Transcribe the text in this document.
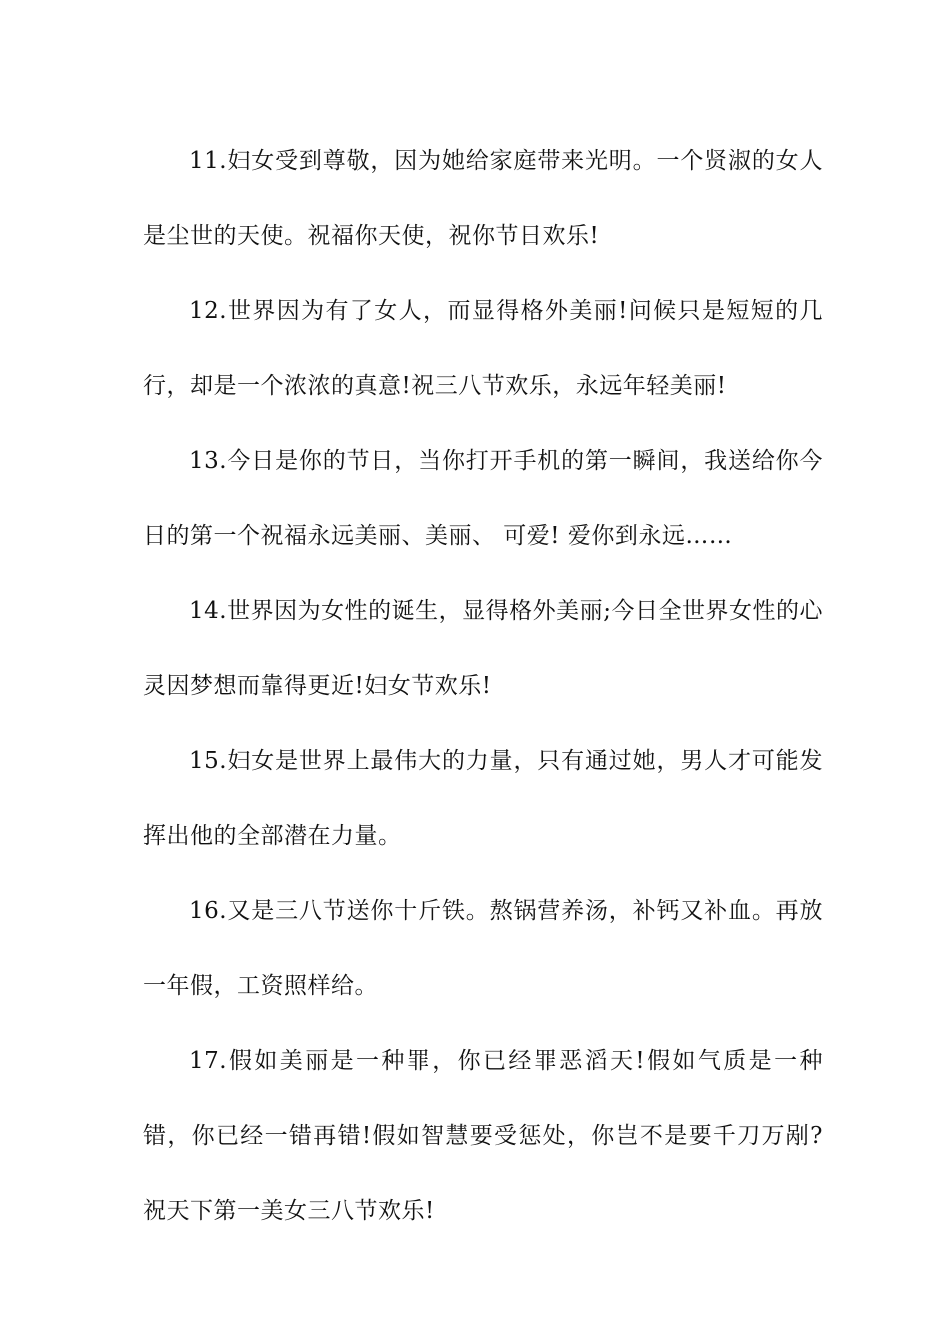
11.妇女受到尊敬，因为她给家庭带来光明。一个贤淑的女人是尘世的天使。祝福你天使，祝你节日欢乐!

12.世界因为有了女人，而显得格外美丽!问候只是短短的几行，却是一个浓浓的真意!祝三八节欢乐，永远年轻美丽!

13.今日是你的节日，当你打开手机的第一瞬间，我送给你今日的第一个祝福永远美丽、美丽、 可爱! 爱你到永远……

14.世界因为女性的诞生，显得格外美丽;今日全世界女性的心灵因梦想而靠得更近!妇女节欢乐!

15.妇女是世界上最伟大的力量，只有通过她，男人才可能发挥出他的全部潜在力量。

16.又是三八节送你十斤铁。熬锅营养汤，补钙又补血。再放一年假，工资照样给。

17.假如美丽是一种罪，你已经罪恶滔天!假如气质是一种错，你已经一错再错!假如智慧要受惩处，你岂不是要千刀万剐?祝天下第一美女三八节欢乐!
